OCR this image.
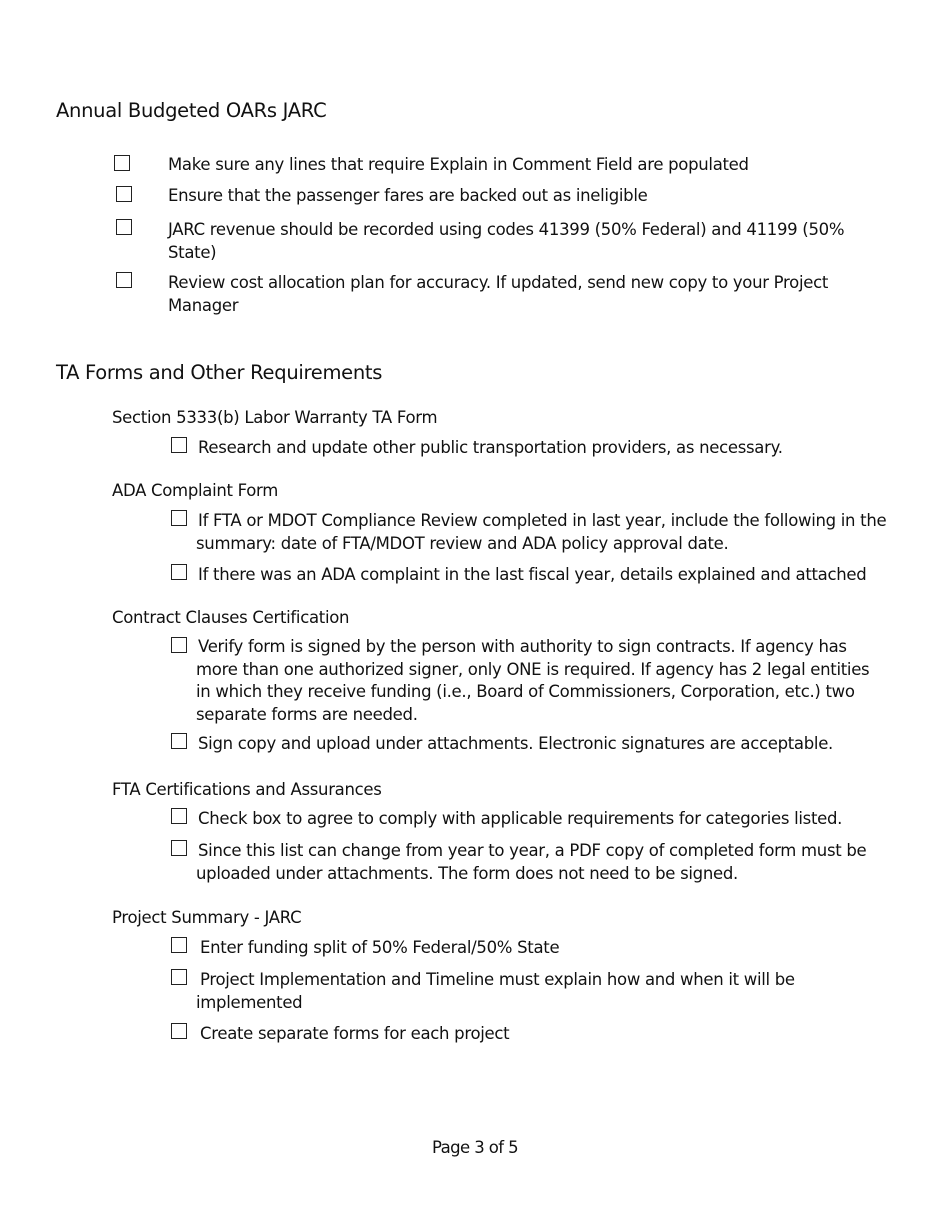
Annual Budgeted OARs JARC
Make sure any lines that require Explain in Comment Field are populated
Ensure that the passenger fares are backed out as ineligible
JARC revenue should be recorded using codes 41399 (50% Federal) and 41199 (50% State)
Review cost allocation plan for accuracy. If updated, send new copy to your Project Manager
TA Forms and Other Requirements
Section 5333(b) Labor Warranty TA Form
Research and update other public transportation providers, as necessary.
ADA Complaint Form
If FTA or MDOT Compliance Review completed in last year, include the following in the summary: date of FTA/MDOT review and ADA policy approval date.
If there was an ADA complaint in the last fiscal year, details explained and attached
Contract Clauses Certification
Verify form is signed by the person with authority to sign contracts. If agency has more than one authorized signer, only ONE is required. If agency has 2 legal entities in which they receive funding (i.e., Board of Commissioners, Corporation, etc.) two separate forms are needed.
Sign copy and upload under attachments. Electronic signatures are acceptable.
FTA Certifications and Assurances
Check box to agree to comply with applicable requirements for categories listed.
Since this list can change from year to year, a PDF copy of completed form must be uploaded under attachments. The form does not need to be signed.
Project Summary - JARC
Enter funding split of 50% Federal/50% State
Project Implementation and Timeline must explain how and when it will be implemented
Create separate forms for each project
Page 3 of 5
